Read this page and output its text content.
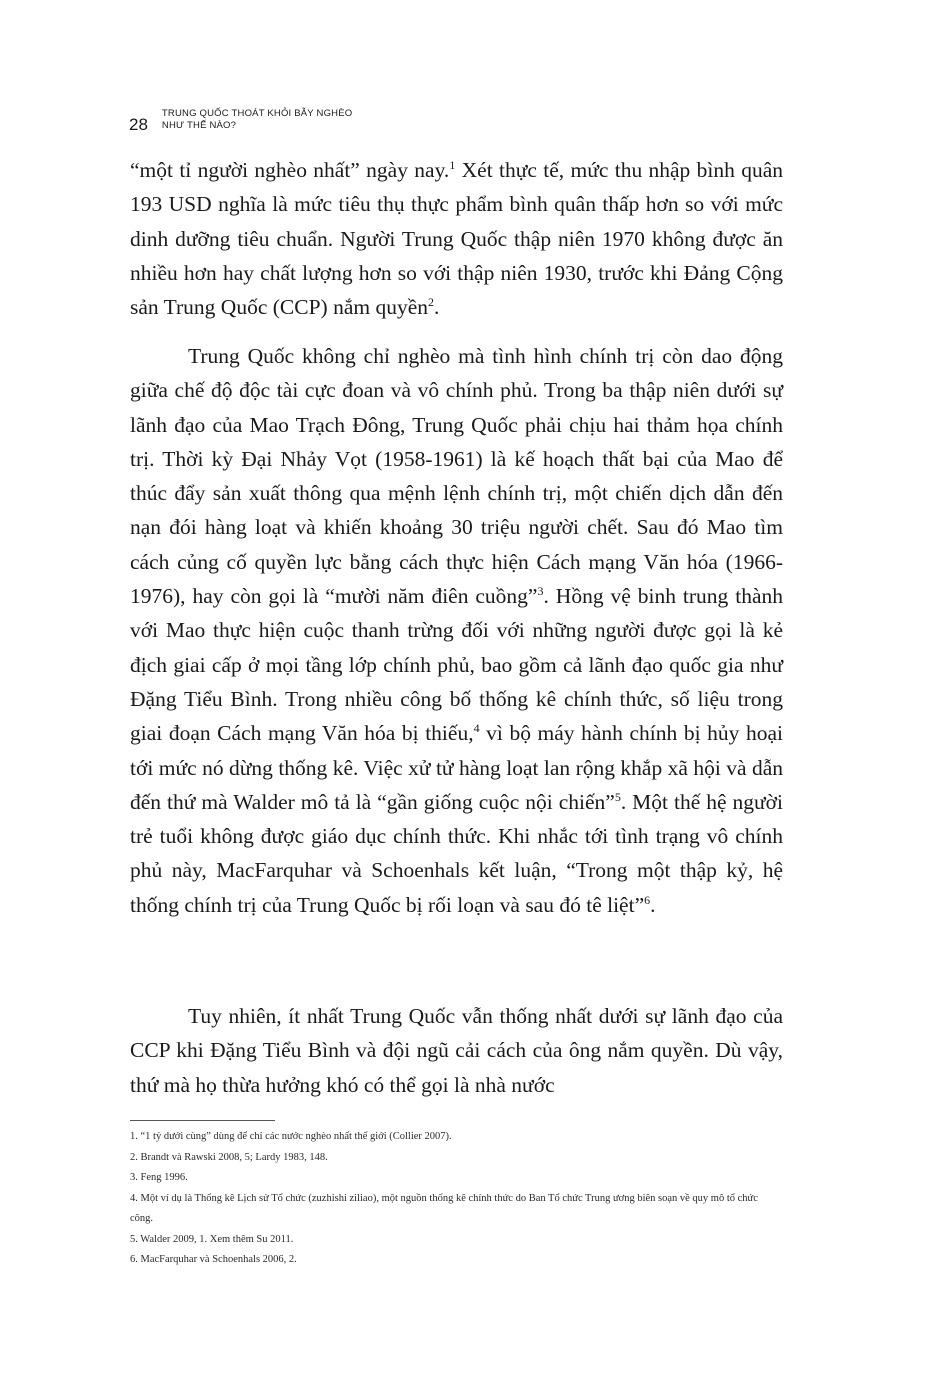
28
TRUNG QUỐC THOÁT KHỎI BẪY NGHÈO
NHƯ THẾ NÀO?

“một tỉ người nghèo nhất” ngày nay.$^1$ Xét thực tế, mức thu nhập bình quân 193 USD nghĩa là mức tiêu thụ thực phẩm bình quân thấp hơn so với mức dinh dưỡng tiêu chuẩn. Người Trung Quốc thập niên 1970 không được ăn nhiều hơn hay chất lượng hơn so với thập niên 1930, trước khi Đảng Cộng sản Trung Quốc (CCP) nắm quyền$^2$.

Trung Quốc không chỉ nghèo mà tình hình chính trị còn dao động giữa chế độ độc tài cực đoan và vô chính phủ. Trong ba thập niên dưới sự lãnh đạo của Mao Trạch Đông, Trung Quốc phải chịu hai thảm họa chính trị. Thời kỳ Đại Nhảy Vọt (1958-1961) là kế hoạch thất bại của Mao để thúc đẩy sản xuất thông qua mệnh lệnh chính trị, một chiến dịch dẫn đến nạn đói hàng loạt và khiến khoảng 30 triệu người chết. Sau đó Mao tìm cách củng cố quyền lực bằng cách thực hiện Cách mạng Văn hóa (1966-1976), hay còn gọi là “mười năm điên cuồng”$^3$. Hồng vệ binh trung thành với Mao thực hiện cuộc thanh trừng đối với những người được gọi là kẻ địch giai cấp ở mọi tầng lớp chính phủ, bao gồm cả lãnh đạo quốc gia như Đặng Tiểu Bình. Trong nhiều công bố thống kê chính thức, số liệu trong giai đoạn Cách mạng Văn hóa bị thiếu,$^4$ vì bộ máy hành chính bị hủy hoại tới mức nó dừng thống kê. Việc xử tử hàng loạt lan rộng khắp xã hội và dẫn đến thứ mà Walder mô tả là “gần giống cuộc nội chiến”$^5$. Một thế hệ người trẻ tuổi không được giáo dục chính thức. Khi nhắc tới tình trạng vô chính phủ này, MacFarquhar và Schoenhals kết luận, “Trong một thập kỷ, hệ thống chính trị của Trung Quốc bị rối loạn và sau đó tê liệt”$^6$.

Tuy nhiên, ít nhất Trung Quốc vẫn thống nhất dưới sự lãnh đạo của CCP khi Đặng Tiểu Bình và đội ngũ cải cách của ông nắm quyền. Dù vậy, thứ mà họ thừa hưởng khó có thể gọi là nhà nước

1. “1 tỷ dưới cùng” dùng để chỉ các nước nghèo nhất thế giới (Collier 2007).

2. Brandt và Rawski 2008, 5; Lardy 1983, 148.

3. Feng 1996.

4. Một ví dụ là Thống kê Lịch sử Tổ chức (zuzhishi ziliao), một nguồn thống kê chính thức do Ban Tổ chức Trung ương biên soạn về quy mô tổ chức công.

5. Walder 2009, 1. Xem thêm Su 2011.

6. MacFarquhar và Schoenhals 2006, 2.
